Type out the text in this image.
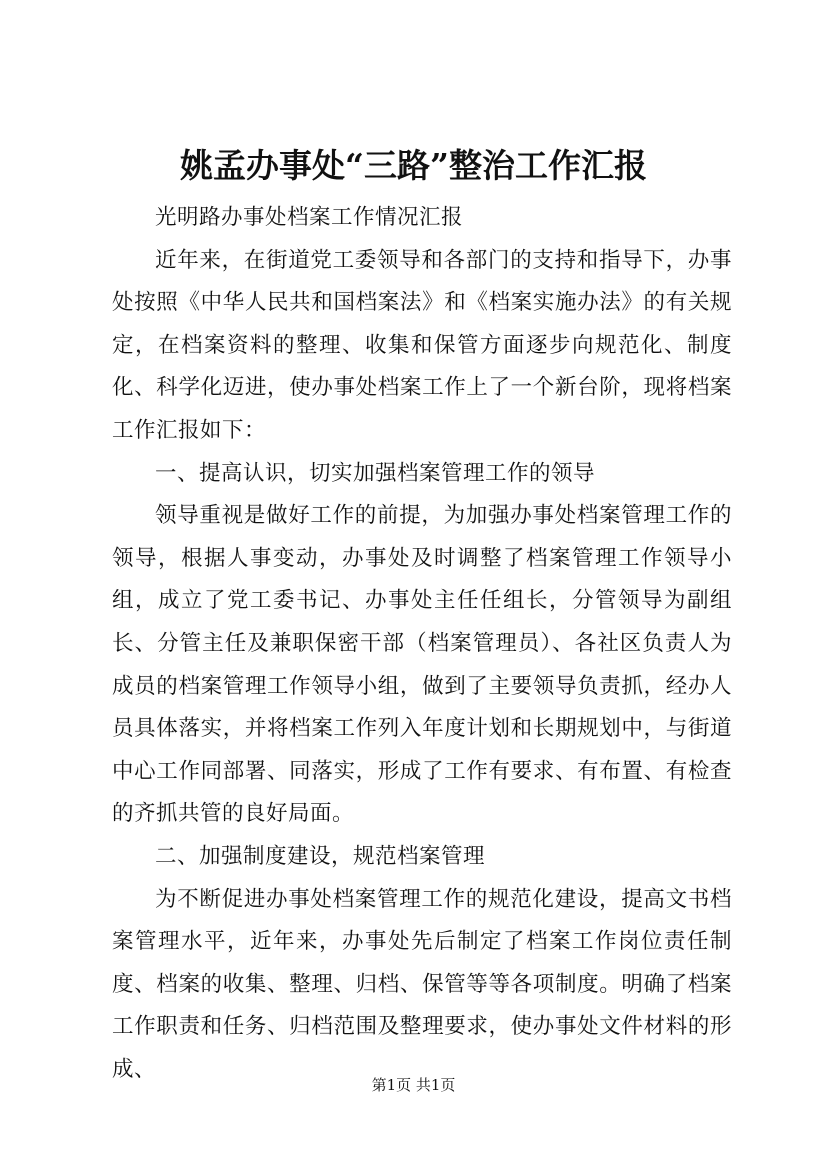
姚孟办事处“三路”整治工作汇报

光明路办事处档案工作情况汇报

近年来，在街道党工委领导和各部门的支持和指导下，办事处按照《中华人民共和国档案法》和《档案实施办法》的有关规定，在档案资料的整理、收集和保管方面逐步向规范化、制度化、科学化迈进，使办事处档案工作上了一个新台阶，现将档案工作汇报如下：

一、提高认识，切实加强档案管理工作的领导

领导重视是做好工作的前提，为加强办事处档案管理工作的领导，根据人事变动，办事处及时调整了档案管理工作领导小组，成立了党工委书记、办事处主任任组长，分管领导为副组长、分管主任及兼职保密干部（档案管理员）、各社区负责人为成员的档案管理工作领导小组，做到了主要领导负责抓，经办人员具体落实，并将档案工作列入年度计划和长期规划中，与街道中心工作同部署、同落实，形成了工作有要求、有布置、有检查的齐抓共管的良好局面。

二、加强制度建设，规范档案管理

为不断促进办事处档案管理工作的规范化建设，提高文书档案管理水平，近年来，办事处先后制定了档案工作岗位责任制度、档案的收集、整理、归档、保管等等各项制度。明确了档案工作职责和任务、归档范围及整理要求，使办事处文件材料的形成、

第1页 共1页
